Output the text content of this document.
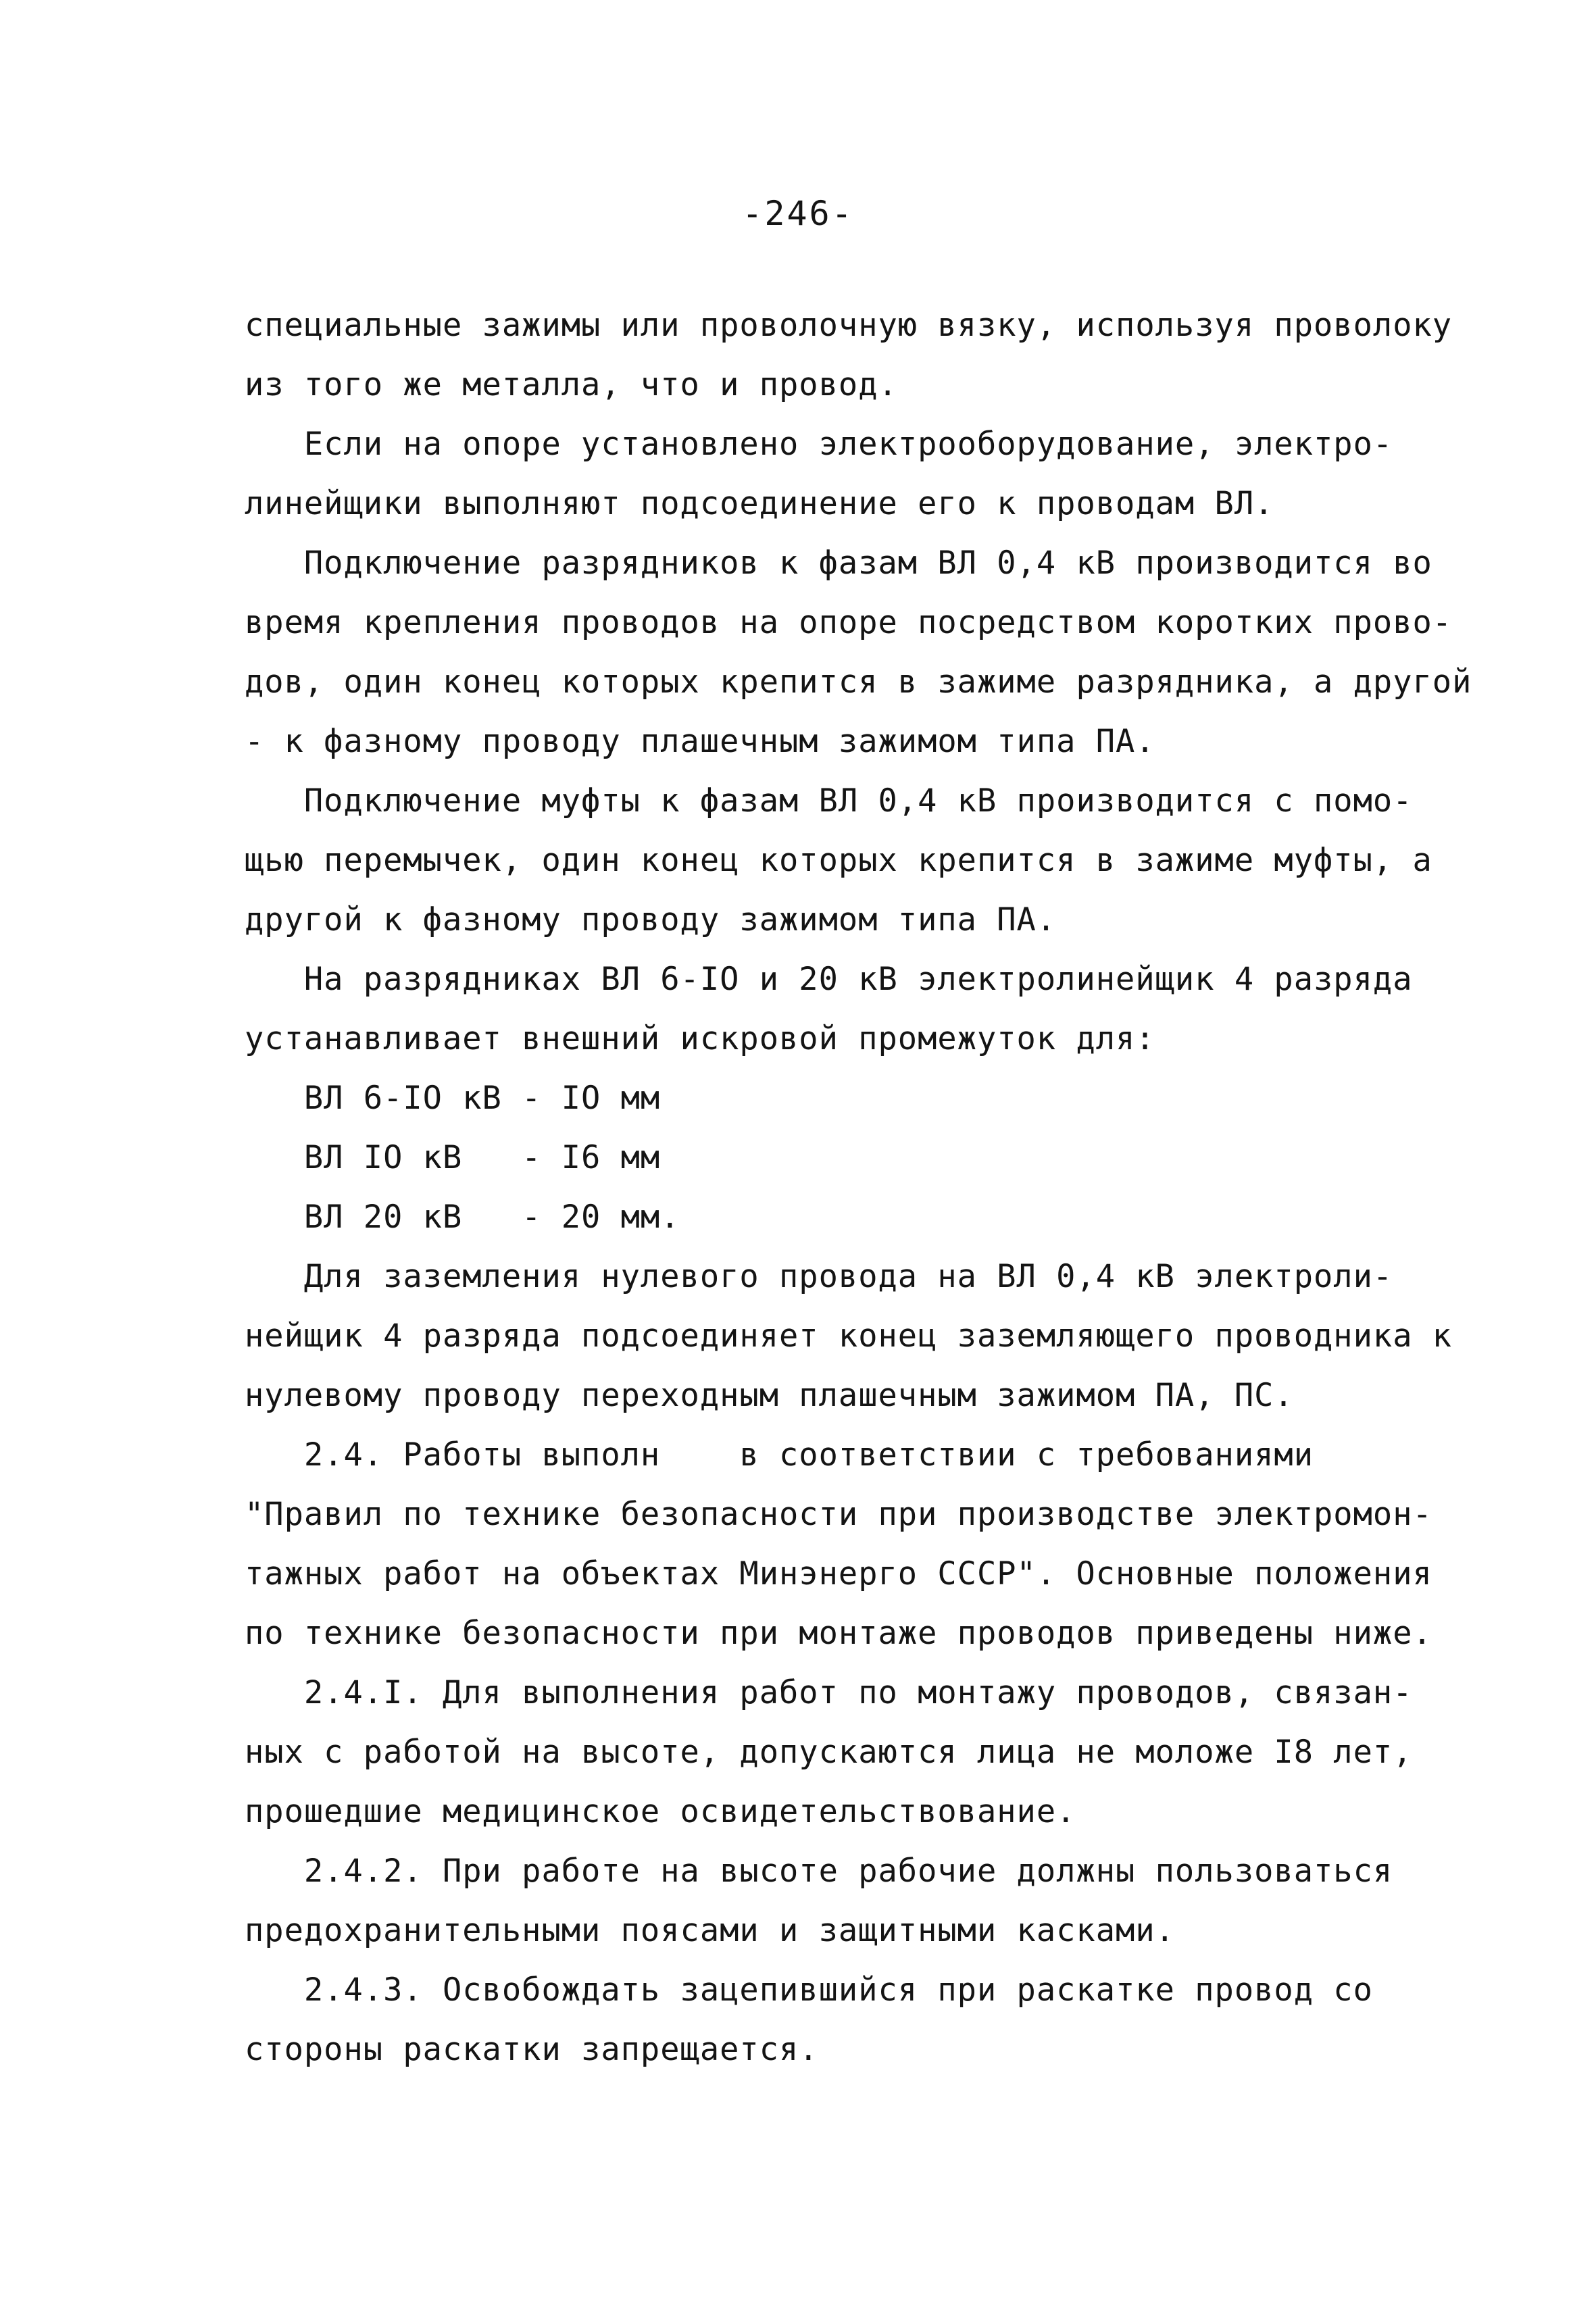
-246-
специальные зажимы или проволочную вязку, используя проволоку
из того же металла, что и провод.
Если на опоре установлено электрооборудование, электро-
линейщики выполняют подсоединение его к проводам ВЛ.
Подключение разрядников к фазам ВЛ 0,4 кВ производится во
время крепления проводов на опоре посредством коротких прово-
дов, один конец которых крепится в зажиме разрядника, а другой
- к фазному проводу плашечным зажимом типа ПА.
Подключение муфты к фазам ВЛ 0,4 кВ производится с помо-
щью перемычек, один конец которых крепится в зажиме муфты, а
другой к фазному проводу зажимом типа ПА.
На разрядниках ВЛ 6-IО и 20 кВ электролинейщик 4 разряда
устанавливает внешний искровой промежуток для:
ВЛ 6-IО кВ - IО мм
ВЛ IО кВ   - I6 мм
ВЛ 20 кВ   - 20 мм.
Для заземления нулевого провода на ВЛ 0,4 кВ электроли-
нейщик 4 разряда подсоединяет конец заземляющего проводника к
нулевому проводу переходным плашечным зажимом ПА, ПС.
2.4. Работы выполн    в соответствии с требованиями
"Правил по технике безопасности при производстве электромон-
тажных работ на объектах Минэнерго СССР". Основные положения
по технике безопасности при монтаже проводов приведены ниже.
2.4.I. Для выполнения работ по монтажу проводов, связан-
ных с работой на высоте, допускаются лица не моложе I8 лет,
прошедшие медицинское освидетельствование.
2.4.2. При работе на высоте рабочие должны пользоваться
предохранительными поясами и защитными касками.
2.4.3. Освобождать зацепившийся при раскатке провод со
стороны раскатки запрещается.
